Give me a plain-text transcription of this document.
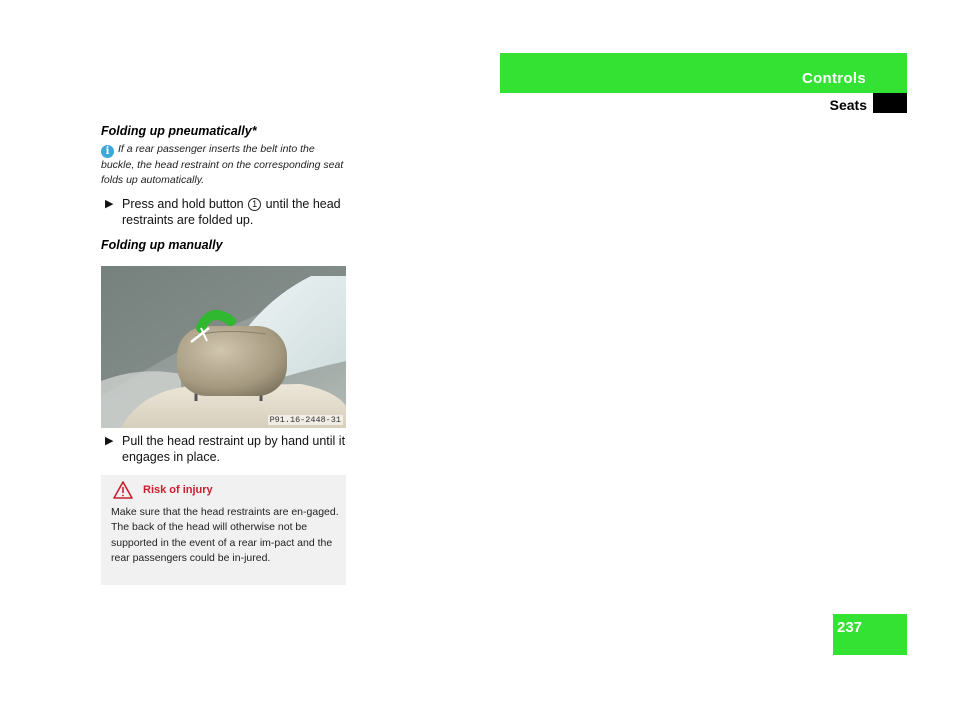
Controls
Seats
Folding up pneumatically*
i If a rear passenger inserts the belt into the buckle, the head restraint on the corresponding seat folds up automatically.
▶ Press and hold button 1 until the head restraints are folded up.
Folding up manually
P91.16-2448-31
▶ Pull the head restraint up by hand until it engages in place.
Risk of injury
Make sure that the head restraints are en-gaged. The back of the head will otherwise not be supported in the event of a rear im-pact and the rear passengers could be in-jured.
237
